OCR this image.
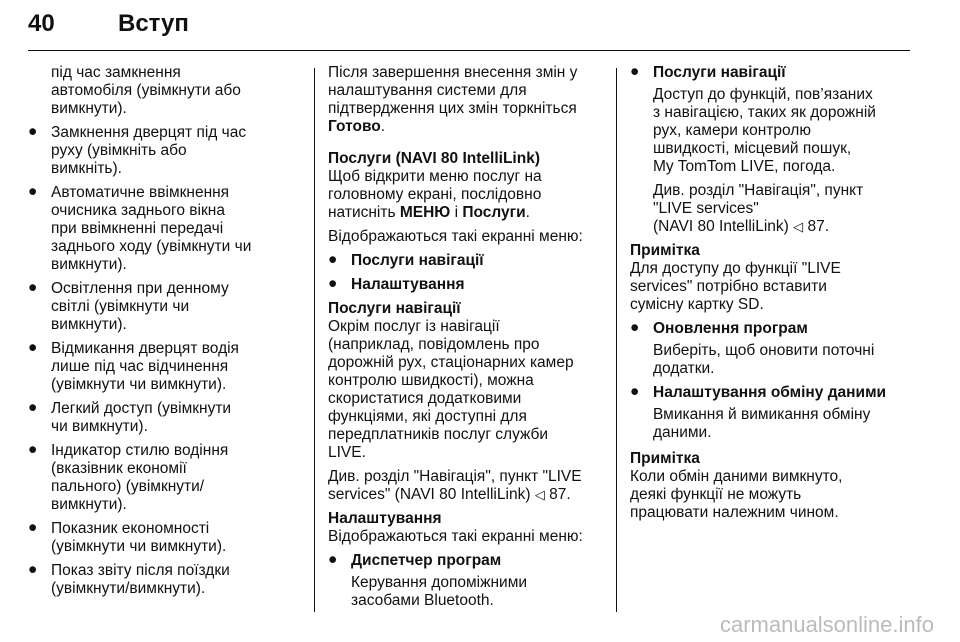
40	Вступ
під час замкнення
автомобіля (увімкнути або
вимкнути).
● Замкнення дверцят під час
руху (увімкніть або
вимкніть).
● Автоматичне ввімкнення
очисника заднього вікна
при ввімкненні передачі
заднього ходу (увімкнути чи
вимкнути).
● Освітлення при денному
світлі (увімкнути чи
вимкнути).
● Відмикання дверцят водія
лише під час відчинення
(увімкнути чи вимкнути).
● Легкий доступ (увімкнути
чи вимкнути).
● Індикатор стилю водіння
(вказівник економії
пального) (увімкнути/
вимкнути).
● Показник економності
(увімкнути чи вимкнути).
● Показ звіту після поїздки
(увімкнути/вимкнути).
Після завершення внесення змін у
налаштування системи для
підтвердження цих змін торкніться
Готово.
Послуги (NAVI 80 IntelliLink)
Щоб відкрити меню послуг на
головному екрані, послідовно
натисніть МЕНЮ і Послуги.
Відображаються такі екранні меню:
● Послуги навігації
● Налаштування
Послуги навігації
Окрім послуг із навігації
(наприклад, повідомлень про
дорожній рух, стаціонарних камер
контролю швидкості), можна
скористатися додатковими
функціями, які доступні для
передплатників послуг служби
LIVE.
Див. розділ "Навігація", пункт "LIVE
services" (NAVI 80 IntelliLink) ◁ 87.
Налаштування
Відображаються такі екранні меню:
● Диспетчер програм
Керування допоміжними
засобами Bluetooth.
● Послуги навігації
Доступ до функцій, пов’язаних
з навігацією, таких як дорожній
рух, камери контролю
швидкості, місцевий пошук,
My TomTom LIVE, погода.
Див. розділ "Навігація", пункт
"LIVE services"
(NAVI 80 IntelliLink) ◁ 87.
Примітка
Для доступу до функції "LIVE
services" потрібно вставити
сумісну картку SD.
● Оновлення програм
Виберіть, щоб оновити поточні
додатки.
● Налаштування обміну даними
Вмикання й вимикання обміну
даними.
Примітка
Коли обмін даними вимкнуто,
деякі функції не можуть
працювати належним чином.
carmanualsonline.info
